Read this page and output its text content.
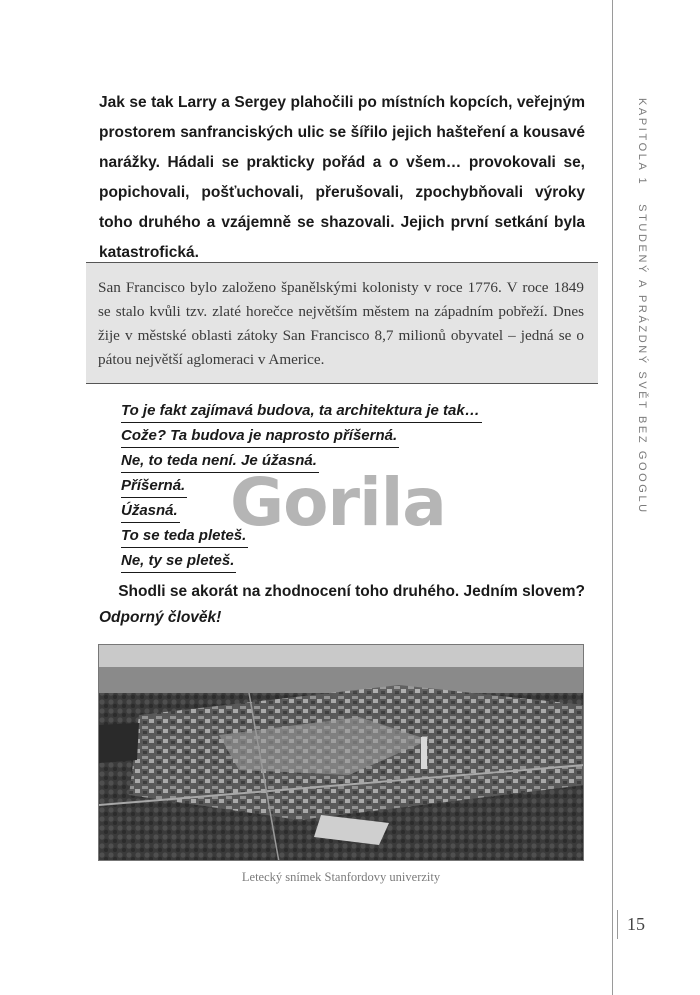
KAPITOLA 1STUDENÝ A PRÁZDNÝ SVĚT BEZ GOOGLU

Jak se tak Larry a Sergey plahočili po místních kopcích, veřejným prostorem sanfranciských ulic se šířilo jejich hašteření a kousavé narážky. Hádali se prakticky pořád a o všem… provokovali se, popichovali, pošťuchovali, přerušovali, zpochybňovali výroky toho druhého a vzájemně se shazovali. Jejich první setkání byla katastrofická.

San Francisco bylo založeno španělskými kolonisty v roce 1776. V roce 1849 se stalo kvůli tzv. zlaté horečce největším městem na západním pobřeží. Dnes žije v městské oblasti zátoky San Francisco 8,7 milionů obyvatel – jedná se o pátou největší aglomeraci v Americe.

To je fakt zajímavá budova, ta architektura je tak…

Cože? Ta budova je naprosto příšerná.

Ne, to teda není. Je úžasná.

Příšerná.

Úžasná.

To se teda pleteš.

Ne, ty se pleteš.

Shodli se akorát na zhodnocení toho druhého. Jedním slovem?

Odporný člověk!

Letecký snímek Stanfordovy univerzity

Gorila

15
